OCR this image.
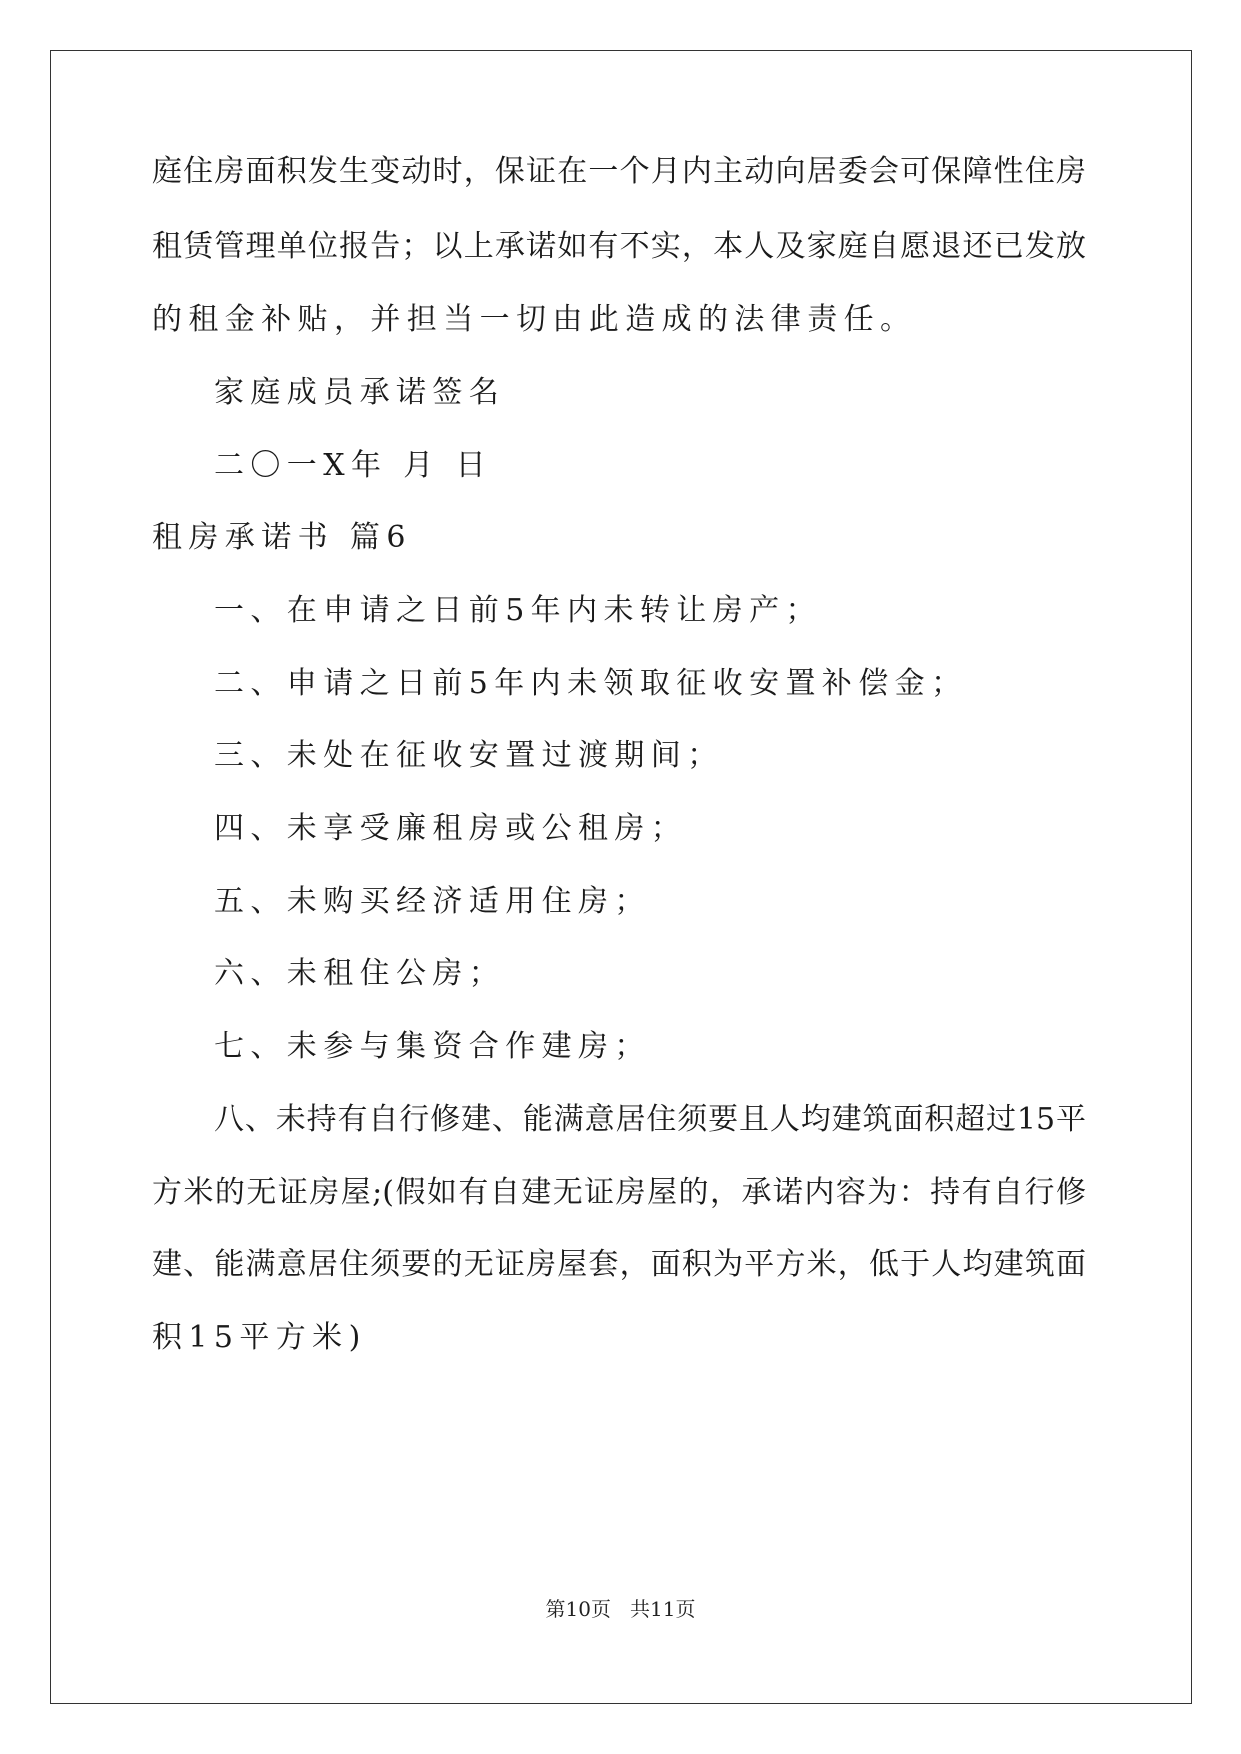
庭住房面积发生变动时，保证在一个月内主动向居委会可保障性住房
租赁管理单位报告；以上承诺如有不实，本人及家庭自愿退还已发放
的租金补贴，并担当一切由此造成的法律责任。
家庭成员承诺签名
二〇一X年 月 日
租房承诺书 篇6
一、在申请之日前5年内未转让房产；
二、申请之日前5年内未领取征收安置补偿金；
三、未处在征收安置过渡期间；
四、未享受廉租房或公租房；
五、未购买经济适用住房；
六、未租住公房；
七、未参与集资合作建房；
八、未持有自行修建、能满意居住须要且人均建筑面积超过15平
方米的无证房屋;(假如有自建无证房屋的，承诺内容为：持有自行修
建、能满意居住须要的无证房屋套，面积为平方米，低于人均建筑面
积15平方米)
第10页 共11页
